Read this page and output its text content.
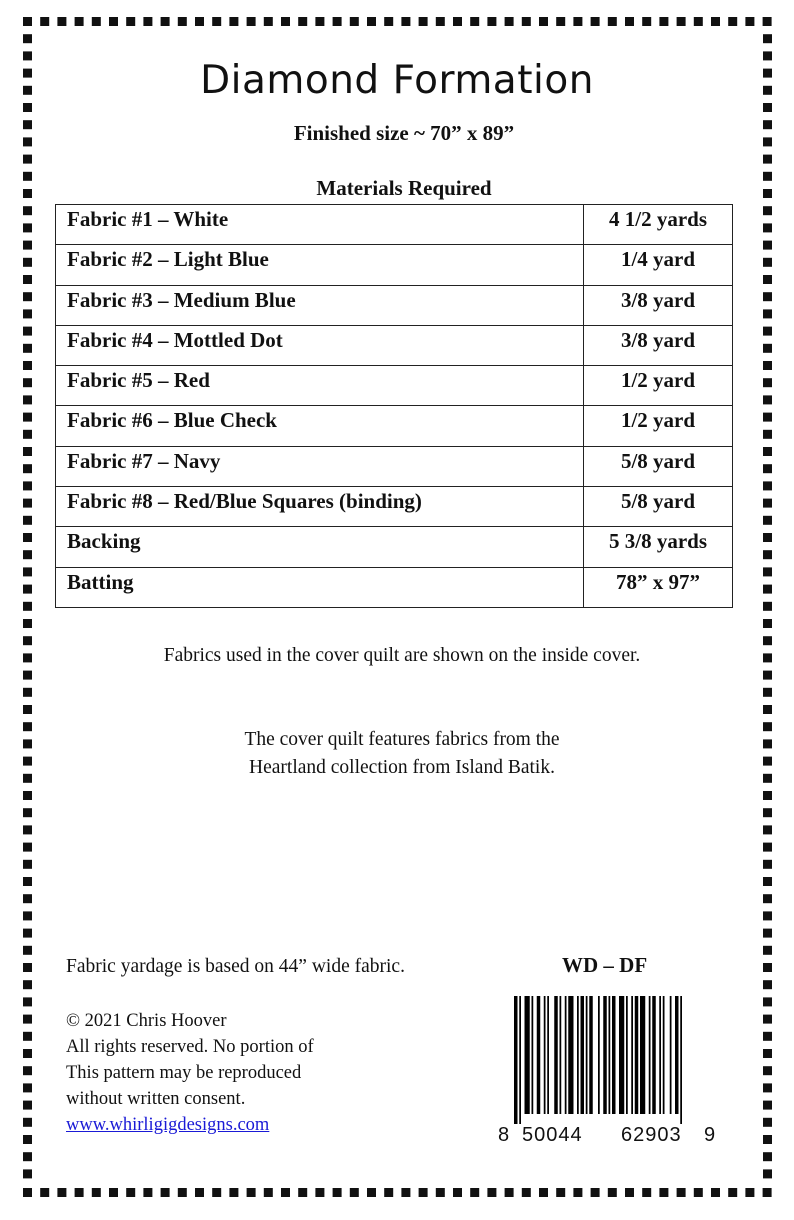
Diamond Formation
Finished size ~ 70” x 89”
Materials Required
Fabric #1 – White	4 1/2 yards
Fabric #2 – Light Blue	1/4 yard
Fabric #3 – Medium Blue	3/8 yard
Fabric #4 – Mottled Dot	3/8 yard
Fabric #5 – Red	1/2 yard
Fabric #6 – Blue Check	1/2 yard
Fabric #7 – Navy	5/8 yard
Fabric #8 – Red/Blue Squares (binding)	5/8 yard
Backing	5 3/8 yards
Batting	78” x 97”
Fabrics used in the cover quilt are shown on the inside cover.
The cover quilt features fabrics from the
Heartland collection from Island Batik.
Fabric yardage is based on 44” wide fabric.	WD – DF
8 50044 62903 9
© 2021 Chris Hoover
All rights reserved. No portion of
This pattern may be reproduced
without written consent.
www.whirligigdesigns.com
